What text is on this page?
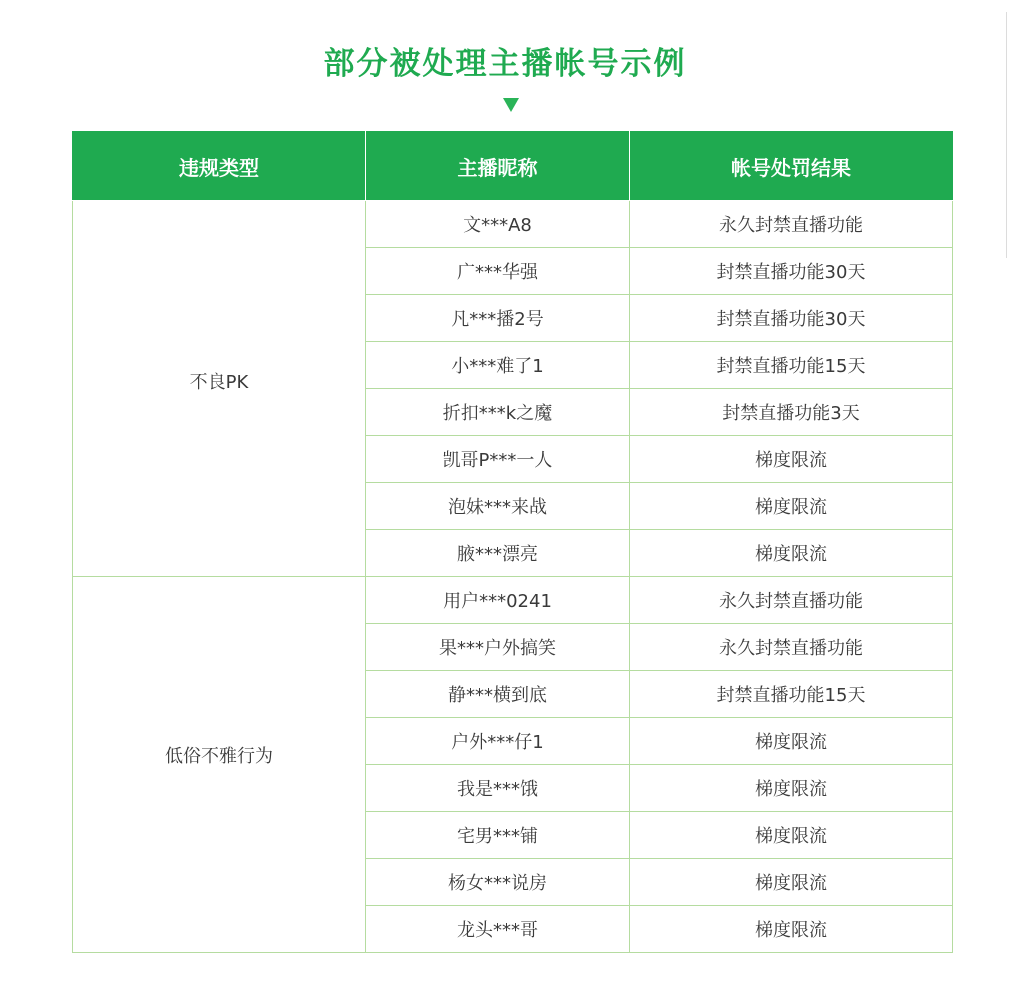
部分被处理主播帐号示例
违规类型	主播昵称	帐号处罚结果
不良PK	文***A8	永久封禁直播功能
	广***华强	封禁直播功能30天
	凡***播2号	封禁直播功能30天
	小***难了1	封禁直播功能15天
	折扣***k之魔	封禁直播功能3天
	凯哥P***一人	梯度限流
	泡妹***来战	梯度限流
	腋***漂亮	梯度限流
低俗不雅行为	用户***0241	永久封禁直播功能
	果***户外搞笑	永久封禁直播功能
	静***横到底	封禁直播功能15天
	户外***仔1	梯度限流
	我是***饿	梯度限流
	宅男***铺	梯度限流
	杨女***说房	梯度限流
	龙头***哥	梯度限流
